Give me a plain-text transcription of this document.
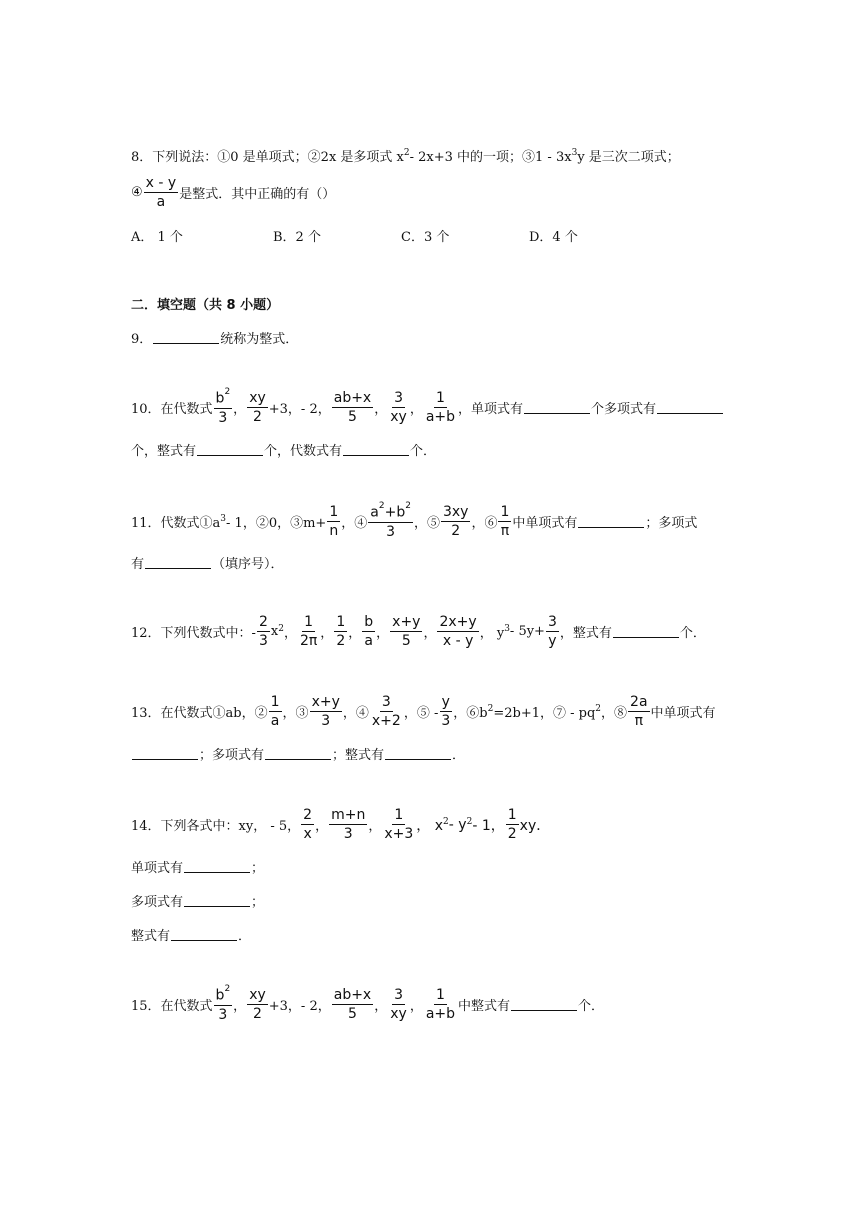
8．下列说法：①0 是单项式；②2x 是多项式 x 2 - 2x+3 中的一项；③1 - 3x 3 y 是三次二项式；
④ $\frac{x - y}{a}$ 是整式．其中正确的有（）
A． 1 个	B．2 个	C．3 个	D．4 个
二．填空题（共 8 小题）
9．	统称为整式．
10．在代数式 $\frac{b^2}{3}$ ， $\frac{xy}{2} +3$，- 2， $\frac{ab+x}{5}$ ， $\frac{3}{xy}$ ， $\frac{1}{a+b}$ ，单项式有	个多项式有
个，整式有	个，代数式有	个．
11．代数式①a 3 - 1，②0，③m+ $\frac{1}{n}$ ，④ $\frac{a^2+b^2}{3}$ ，⑤ $\frac{3xy}{2}$ ，⑥ $\frac{1}{\pi}$ 中单项式有	；多项式
有	（填序号）．
12．下列代数式中：- $\frac{2}{3}$ x 2 ， $\frac{1}{2\pi}$ ， $\frac{1}{2}$ ， $\frac{b}{a}$ ， $\frac{x+y}{5}$ ， $\frac{2x+y}{x - y}$ ， y $3 - 5y+ \frac{3}{y}$ ，整式有	个．
13．在代数式①ab，② $\frac{1}{a}$ ，③ $\frac{x+y}{3}$ ，④ $\frac{3}{x+2}$ ，⑤ - $\frac{y}{3}$ ，⑥b 2 =2b+1，⑦ - pq 2 ，⑧ $\frac{2a}{\pi}$ 中单项式有
；多项式有	；整式有	．
14．下列各式中：xy， - 5， $\frac{2}{x}$ ， $\frac{m+n}{3}$ ， $\frac{1}{x+3}$ ， x 2 - y 2 - 1， $\frac{1}{2}$ xy．
单项式有	；
多项式有	；
整式有	．
15．在代数式 $\frac{b^2}{3}$ ， $\frac{xy}{2} +3$，- 2， $\frac{ab+x}{5}$ ， $\frac{3}{xy}$ ， $\frac{1}{a+b}$ 中整式有	个．
